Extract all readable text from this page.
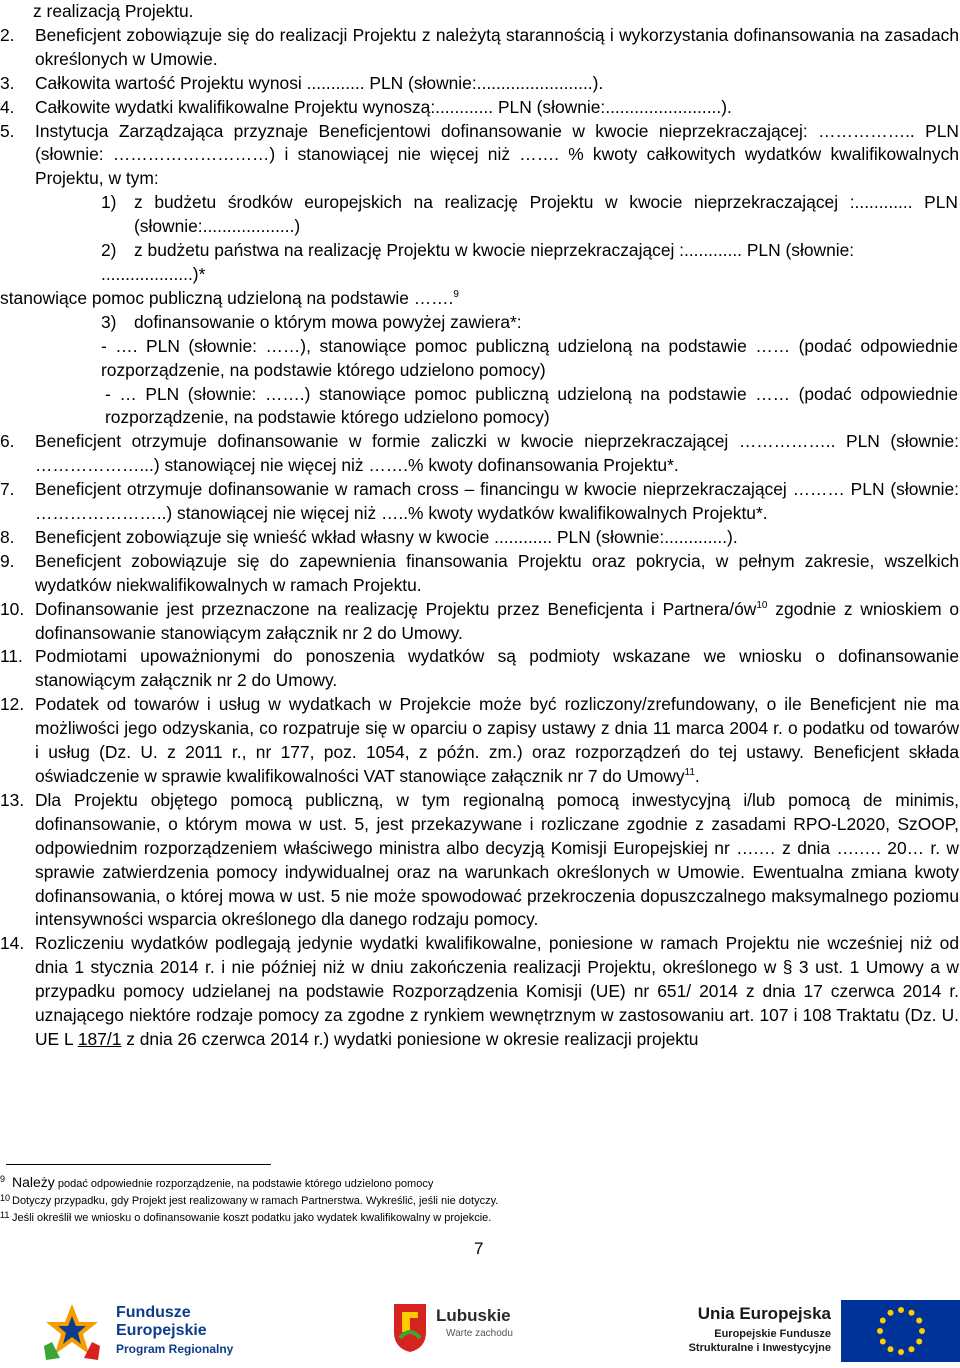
z realizacją Projektu.
2.	Beneficjent zobowiązuje się do realizacji Projektu z należytą starannością i wykorzystania dofinansowania na zasadach określonych w Umowie.
3.	Całkowita wartość Projektu wynosi ............ PLN (słownie:........................).
4.	Całkowite wydatki kwalifikowalne Projektu wynoszą:............ PLN (słownie:........................).
5.	Instytucja Zarządzająca przyznaje Beneficjentowi dofinansowanie w kwocie nieprzekraczającej: …………….. PLN (słownie: ………………………) i stanowiącej nie więcej niż ……. % kwoty całkowitych wydatków kwalifikowalnych Projektu, w tym:
1)	z budżetu środków europejskich na realizację Projektu w kwocie nieprzekraczającej :............ PLN (słownie:...................)
2)	z budżetu państwa na realizację Projektu w kwocie nieprzekraczającej :............ PLN (słownie:
...................)*
stanowiące pomoc publiczną udzieloną na podstawie …….$^9$
3)	dofinansowanie o którym mowa powyżej zawiera*:
- …. PLN (słownie: ……), stanowiące pomoc publiczną udzieloną na podstawie …… (podać odpowiednie rozporządzenie, na podstawie którego udzielono pomocy)
- … PLN (słownie: …….) stanowiące pomoc publiczną udzieloną na podstawie …… (podać odpowiednie rozporządzenie, na podstawie którego udzielono pomocy)
6.	Beneficjent otrzymuje dofinansowanie w formie zaliczki w kwocie nieprzekraczającej …………….. PLN (słownie: ………………...) stanowiącej nie więcej niż …….% kwoty dofinansowania Projektu*.
7.	Beneficjent otrzymuje dofinansowanie w ramach cross – financingu w kwocie nieprzekraczającej ……… PLN (słownie: …………………..) stanowiącej nie więcej niż …..% kwoty wydatków kwalifikowalnych Projektu*.
8.	Beneficjent zobowiązuje się wnieść wkład własny w kwocie ............ PLN (słownie:.............).
9.	Beneficjent zobowiązuje się do zapewnienia finansowania Projektu oraz pokrycia, w pełnym zakresie, wszelkich wydatków niekwalifikowalnych w ramach Projektu.
10. Dofinansowanie jest przeznaczone na realizację Projektu przez Beneficjenta i Partnera/$ów^{10}$ zgodnie z wnioskiem o dofinansowanie stanowiącym załącznik nr 2 do Umowy.
11. Podmiotami upoważnionymi do ponoszenia wydatków są podmioty wskazane we wniosku o dofinansowanie stanowiącym załącznik nr 2 do Umowy.
12. Podatek od towarów i usług w wydatkach w Projekcie może być rozliczony/zrefundowany, o ile Beneficjent nie ma możliwości jego odzyskania, co rozpatruje się w oparciu o zapisy ustawy z dnia 11 marca 2004 r. o podatku od towarów i usług (Dz. U. z 2011 r., nr 177, poz. 1054, z późn. zm.) oraz rozporządzeń do tej ustawy. Beneficjent składa oświadczenie w sprawie kwalifikowalności VAT stanowiące załącznik nr 7 do Umowy$^{11}$.
13. Dla Projektu objętego pomocą publiczną, w tym regionalną pomocą inwestycyjną i/lub pomocą de minimis, dofinansowanie, o którym mowa w ust. 5, jest przekazywane i rozliczane zgodnie z zasadami RPO-L2020, SzOOP, odpowiednim rozporządzeniem właściwego ministra albo decyzją Komisji Europejskiej nr ….… z dnia ….…. 20… r. w sprawie zatwierdzenia pomocy indywidualnej oraz na warunkach określonych w Umowie. Ewentualna zmiana kwoty dofinansowania, o której mowa w ust. 5 nie może spowodować przekroczenia dopuszczalnego maksymalnego poziomu intensywności wsparcia określonego dla danego rodzaju pomocy.
14. Rozliczeniu wydatków podlegają jedynie wydatki kwalifikowalne, poniesione w ramach Projektu nie wcześniej niż od dnia 1 stycznia 2014 r. i nie później niż w dniu zakończenia realizacji Projektu, określonego w § 3 ust. 1 Umowy a w przypadku pomocy udzielanej na podstawie Rozporządzenia Komisji (UE) nr 651/ 2014 z dnia 17 czerwca 2014 r. uznającego niektóre rodzaje pomocy za zgodne z rynkiem wewnętrznym w zastosowaniu art. 107 i 108 Traktatu (Dz. U. UE L 187/1 z dnia 26 czerwca 2014 r.) wydatki poniesione w okresie realizacji projektu
9 Należy podać odpowiednie rozporządzenie, na podstawie którego udzielono pomocy
10 Dotyczy przypadku, gdy Projekt jest realizowany w ramach Partnerstwa. Wykreślić, jeśli nie dotyczy.
11 Jeśli określił we wniosku o dofinansowanie koszt podatku jako wydatek kwalifikowalny w projekcie.
7
Fundusze
Europejskie
Program Regionalny
Lubuskie
Warte zachodu
Unia Europejska
Europejskie Fundusze
Strukturalne i Inwestycyjne
